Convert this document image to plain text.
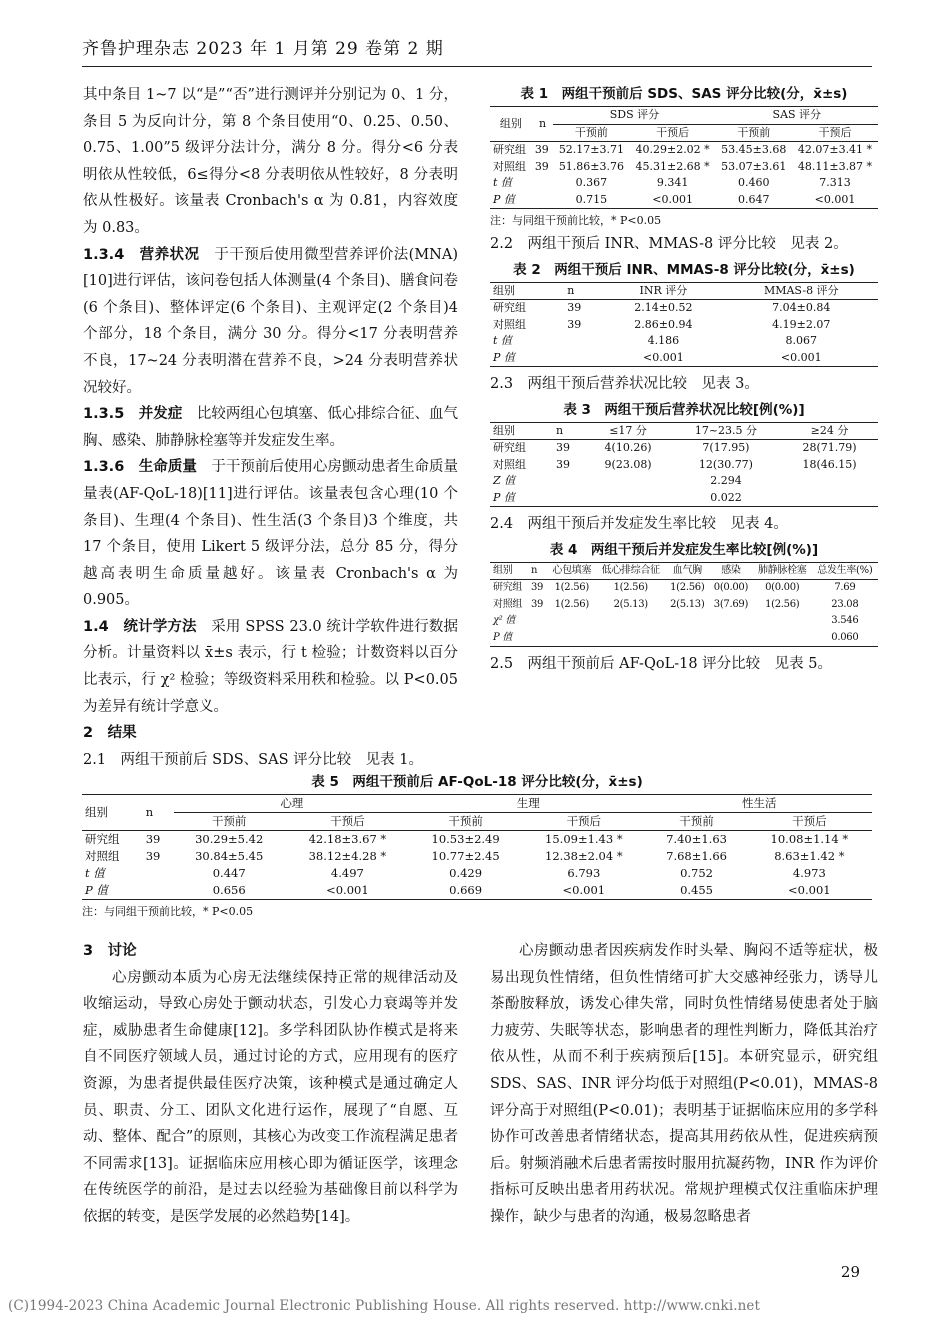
齐鲁护理杂志 2023 年 1 月第 29 卷第 2 期

其中条目 1~7 以“是”“否”进行测评并分别记为 0、1 分，条目 5 为反向计分，第 8 个条目使用“0、0.25、0.50、0.75、1.00”5 级评分法计分，满分 8 分。得分<6 分表明依从性较低，6≤得分<8 分表明依从性较好，8 分表明依从性极好。该量表 Cronbach's α 为 0.81，内容效度为 0.83。

1.3.4　营养状况　 于干预后使用微型营养评价法(MNA)[10]进行评估，该问卷包括人体测量(4 个条目)、膳食问卷(6 个条目)、整体评定(6 个条目)、主观评定(2 个条目)4 个部分，18 个条目，满分 30 分。得分<17 分表明营养不良，17~24 分表明潜在营养不良，>24 分表明营养状况较好。

1.3.5　并发症　 比较两组心包填塞、低心排综合征、血气胸、感染、肺静脉栓塞等并发症发生率。

1.3.6　生命质量　 于干预前后使用心房颤动患者生命质量量表(AF-QoL-18)[11]进行评估。该量表包含心理(10 个条目)、生理(4 个条目)、性生活(3 个条目)3 个维度，共 17 个条目，使用 Likert 5 级评分法，总分 85 分，得分越高表明生命质量越好。该量表 Cronbach's α 为 0.905。

1.4　统计学方法　 采用 SPSS 23.0 统计学软件进行数据分析。计量资料以 x̄±s 表示，行 t 检验；计数资料以百分比表示，行 χ² 检验；等级资料采用秩和检验。以 P<0.05 为差异有统计学意义。

2　结果

2.1　两组干预前后 SDS、SAS 评分比较　见表 1。

表 1　两组干预前后 SDS、SAS 评分比较(分，x̄±s)

组别	n	SDS 评分		SAS 评分	
		干预前	干预后	干预前	干预后
研究组	39	52.17±3.71	40.29±2.02 *	53.45±3.68	42.07±3.41 *
对照组	39	51.86±3.76	45.31±2.68 *	53.07±3.61	48.11±3.87 *
t 值		0.367	9.341	0.460	7.313
P 值		0.715	<0.001	0.647	<0.001

注：与同组干预前比较，* P<0.05

2.2　两组干预后 INR、MMAS-8 评分比较　见表 2。

表 2　两组干预后 INR、MMAS-8 评分比较(分，x̄±s)

组别	n	INR 评分	MMAS-8 评分
研究组	39	2.14±0.52	7.04±0.84
对照组	39	2.86±0.94	4.19±2.07
t 值		4.186	8.067
P 值		<0.001	<0.001

2.3　两组干预后营养状况比较　见表 3。

表 3　两组干预后营养状况比较[例(%)]

组别	n	≤17 分	17~23.5 分	≥24 分
研究组	39	4(10.26)	7(17.95)	28(71.79)
对照组	39	9(23.08)	12(30.77)	18(46.15)
Z 值			2.294	
P 值			0.022	

2.4　两组干预后并发症发生率比较　见表 4。

表 4　两组干预后并发症发生率比较[例(%)]

组别	n	心包填塞	低心排综合征	血气胸	感染	肺静脉栓塞	总发生率(%)
研究组	39	1(2.56)	1(2.56)	1(2.56)	0(0.00)	0(0.00)	7.69
对照组	39	1(2.56)	2(5.13)	2(5.13)	3(7.69)	1(2.56)	23.08
χ² 值							3.546
P 值							0.060

2.5　两组干预前后 AF-QoL-18 评分比较　见表 5。

表 5　两组干预前后 AF-QoL-18 评分比较(分，x̄±s)

组别	n	心理		生理		性生活	
		干预前	干预后	干预前	干预后	干预前	干预后
研究组	39	30.29±5.42	42.18±3.67 *	10.53±2.49	15.09±1.43 *	7.40±1.63	10.08±1.14 *
对照组	39	30.84±5.45	38.12±4.28 *	10.77±2.45	12.38±2.04 *	7.68±1.66	8.63±1.42 *
t 值		0.447	4.497	0.429	6.793	0.752	4.973
P 值		0.656	<0.001	0.669	<0.001	0.455	<0.001

注：与同组干预前比较，* P<0.05

3　讨论

心房颤动本质为心房无法继续保持正常的规律活动及收缩运动，导致心房处于颤动状态，引发心力衰竭等并发症，威胁患者生命健康[12]。多学科团队协作模式是将来自不同医疗领域人员，通过讨论的方式，应用现有的医疗资源，为患者提供最佳医疗决策，该种模式是通过确定人员、职责、分工、团队文化进行运作，展现了“自愿、互动、整体、配合”的原则，其核心为改变工作流程满足患者不同需求[13]。证据临床应用核心即为循证医学，该理念在传统医学的前沿，是过去以经验为基础像目前以科学为依据的转变，是医学发展的必然趋势[14]。

心房颤动患者因疾病发作时头晕、胸闷不适等症状，极易出现负性情绪，但负性情绪可扩大交感神经张力，诱导儿茶酚胺释放，诱发心律失常，同时负性情绪易使患者处于脑力疲劳、失眠等状态，影响患者的理性判断力，降低其治疗依从性，从而不利于疾病预后[15]。本研究显示，研究组 SDS、SAS、INR 评分均低于对照组(P<0.01)，MMAS-8 评分高于对照组(P<0.01)；表明基于证据临床应用的多学科协作可改善患者情绪状态，提高其用药依从性，促进疾病预后。射频消融术后患者需按时服用抗凝药物，INR 作为评价指标可反映出患者用药状况。常规护理模式仅注重临床护理操作，缺少与患者的沟通，极易忽略患者

29
(C)1994-2023 China Academic Journal Electronic Publishing House. All rights reserved. http://www.cnki.net
